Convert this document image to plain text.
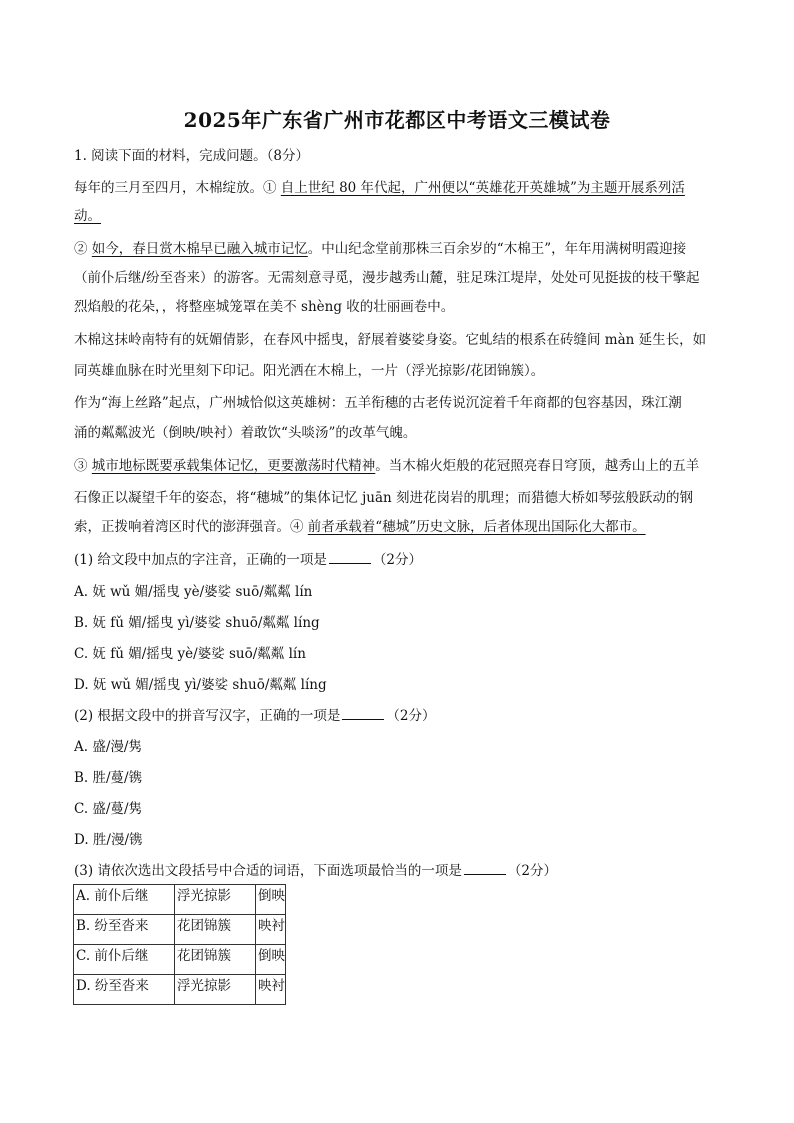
2025年广东省广州市花都区中考语文三模试卷
1. 阅读下面的材料，完成问题。（8分）
每年的三月至四月，木棉绽放。① 自上世纪 80 年代起，广州便以“英雄花开英雄城”为主题开展系列活
动。
② 如今，春日赏木棉早已融入城市记忆。中山纪念堂前那株三百余岁的“木棉王”，年年用满树明霞迎接
（前仆后继/纷至沓来）的游客。无需刻意寻觅，漫步越秀山麓，驻足珠江堤岸，处处可见挺拔的枝干擎起
烈焰般的花朵，，将整座城笼罩在美不 shèng 收的壮丽画卷中。
木棉这抹岭南特有的妩媚倩影，在春风中摇曳，舒展着婆娑身姿。它虬结的根系在砖缝间 màn 延生长，如
同英雄血脉在时光里刻下印记。阳光洒在木棉上，一片（浮光掠影/花团锦簇）。
作为“海上丝路”起点，广州城恰似这英雄树：五羊衔穗的古老传说沉淀着千年商都的包容基因，珠江潮
涌的粼粼波光（倒映/映衬）着敢饮“头啖汤”的改革气魄。
③ 城市地标既要承载集体记忆，更要激荡时代精神。当木棉火炬般的花冠照亮春日穹顶，越秀山上的五羊
石像正以凝望千年的姿态，将“穗城”的集体记忆 juān 刻进花岗岩的肌理；而猎德大桥如琴弦般跃动的钢
索，正拨响着湾区时代的澎湃强音。④ 前者承载着“穗城”历史文脉，后者体现出国际化大都市。
(1) 给文段中加点的字注音，正确的一项是	（2分）
A. 妩 wǔ 媚/摇曳 yè/婆娑 suō/粼粼 lín
B. 妩 fǔ 媚/摇曳 yì/婆娑 shuō/粼粼 líng
C. 妩 fǔ 媚/摇曳 yè/婆娑 suō/粼粼 lín
D. 妩 wǔ 媚/摇曳 yì/婆娑 shuō/粼粼 líng
(2) 根据文段中的拼音写汉字，正确的一项是	（2分）
A. 盛/漫/隽
B. 胜/蔓/镌
C. 盛/蔓/隽
D. 胜/漫/镌
(3) 请依次选出文段括号中合适的词语，下面选项最恰当的一项是	（2分）
A. 前仆后继	浮光掠影	倒映
B. 纷至沓来	花团锦簇	映衬
C. 前仆后继	花团锦簇	倒映
D. 纷至沓来	浮光掠影	映衬
